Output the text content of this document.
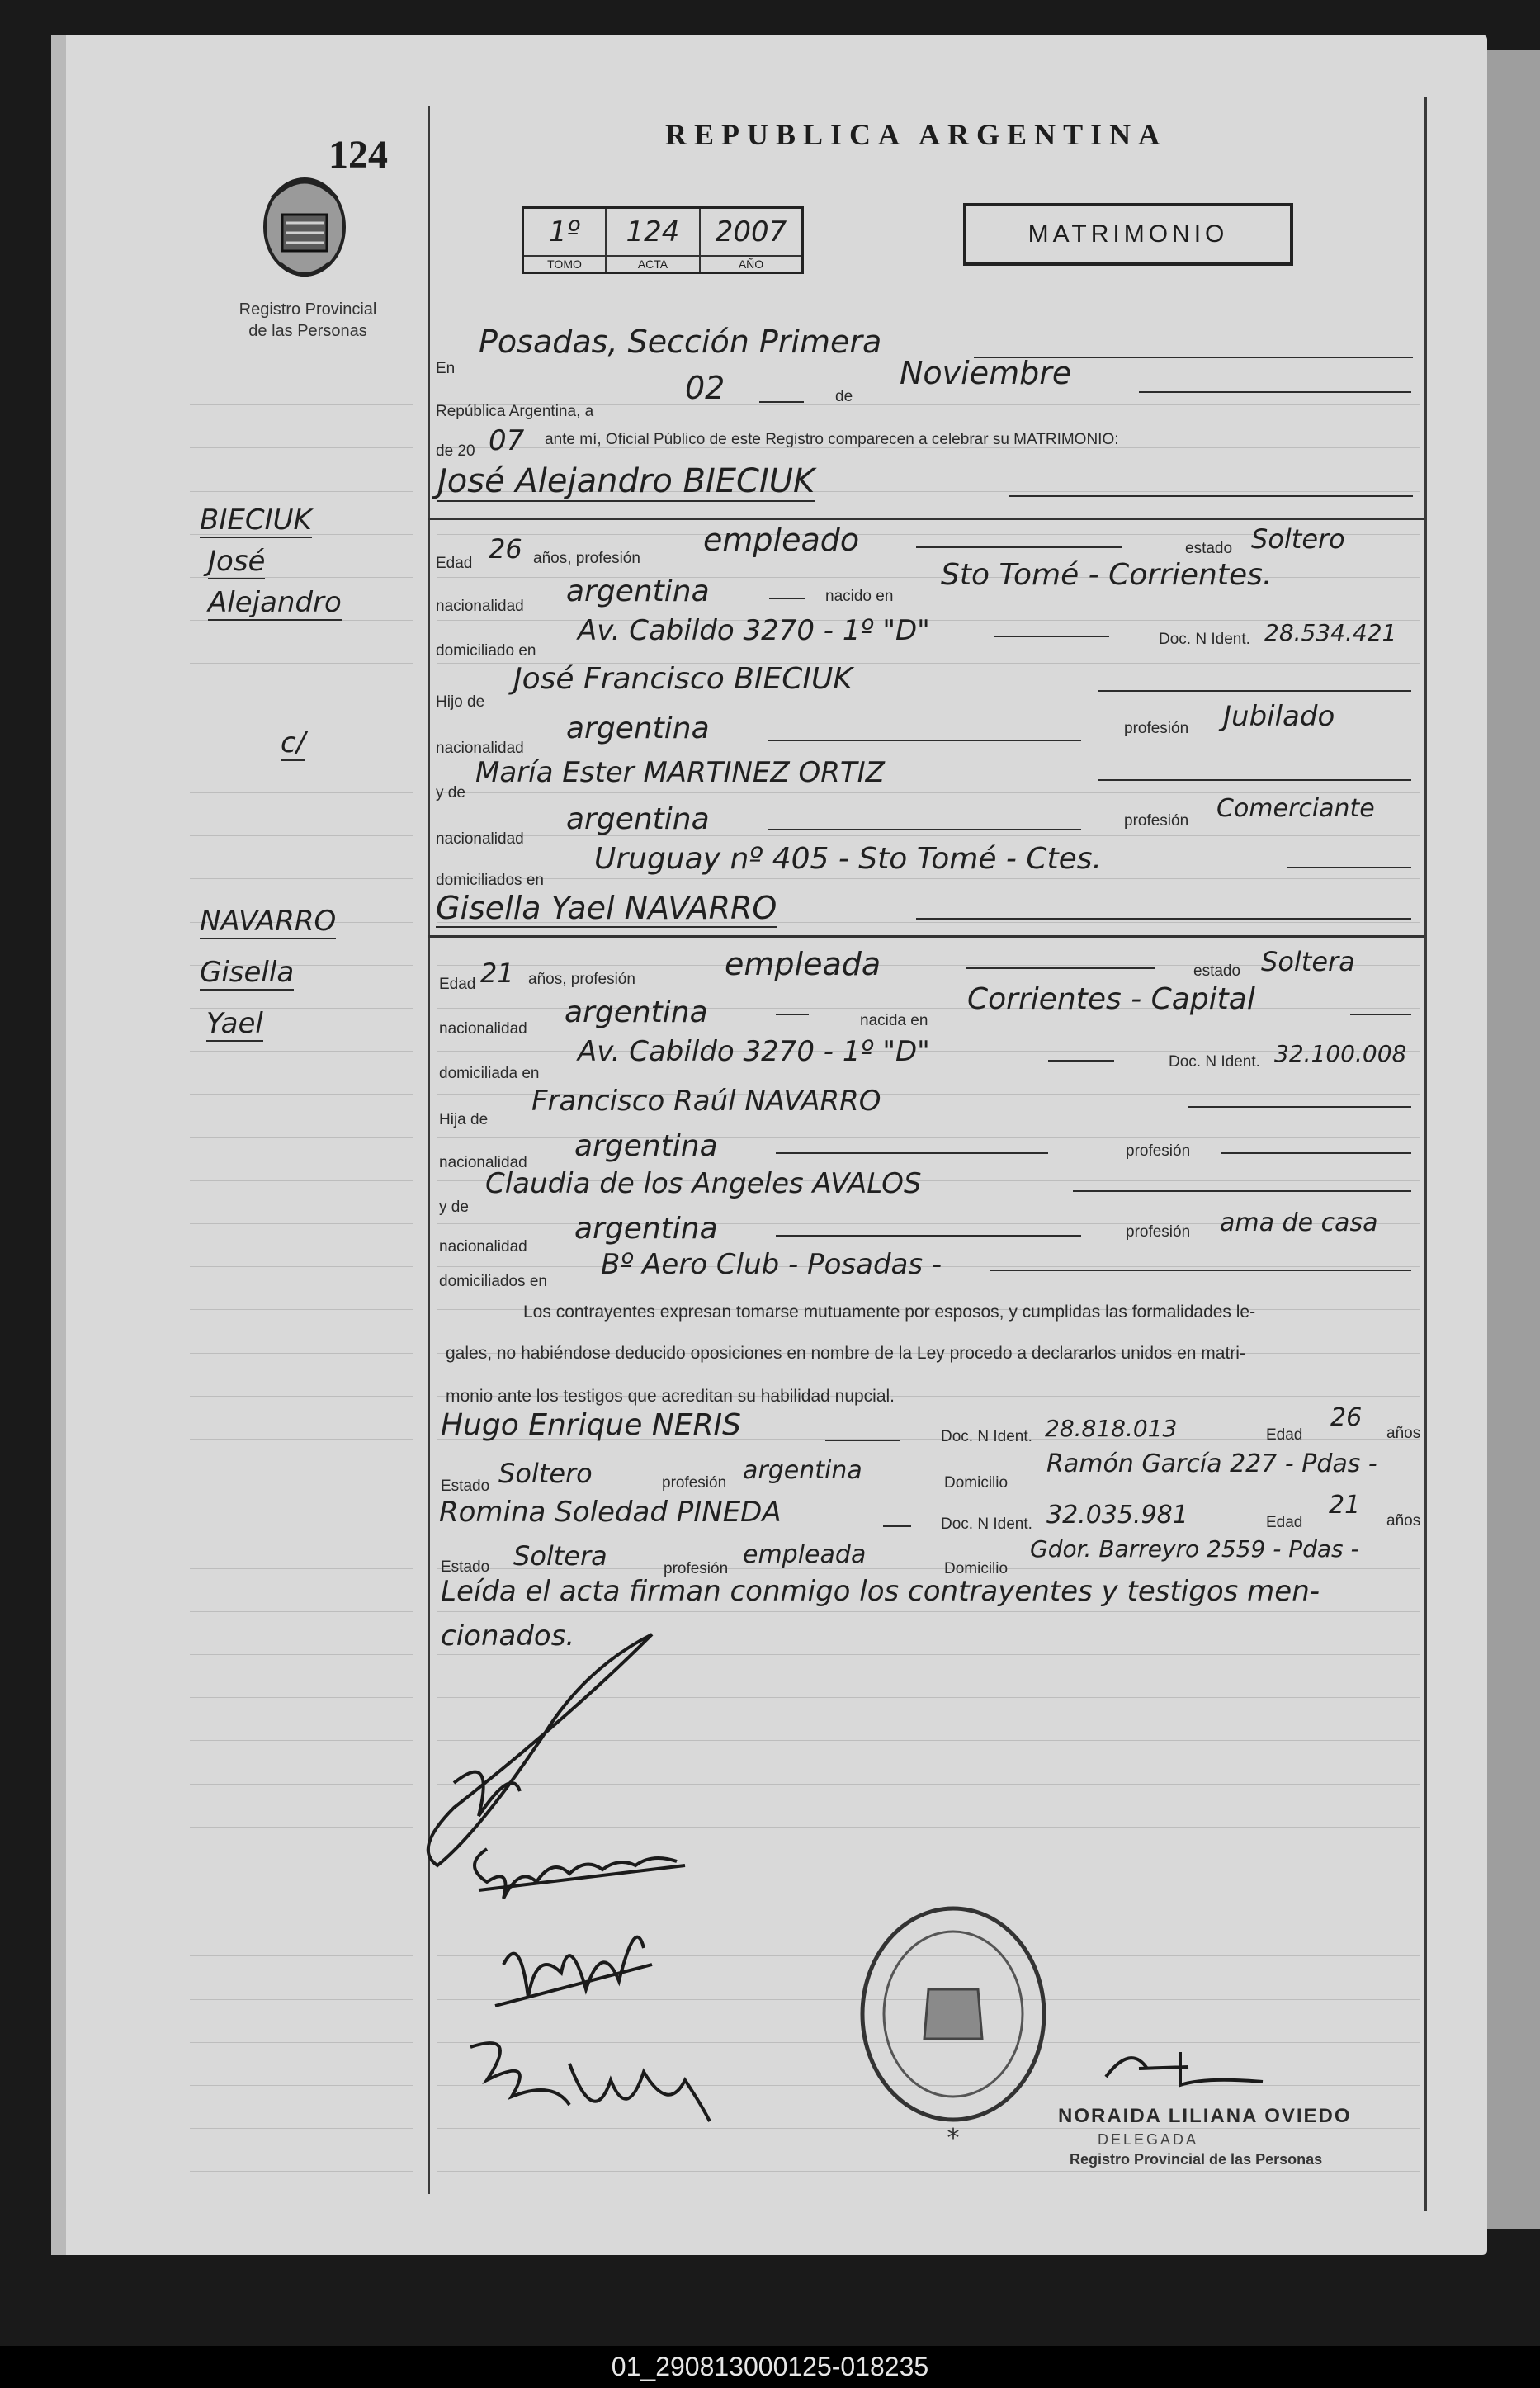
124	REPUBLICA ARGENTINA
MATRIMONIO
Registro Provincial
de las Personas
1º	124	2007
TOMO	ACTA	AÑO
BIECIUK
José
Alejandro
c/
NAVARRO
Gisella
Yael
En
Posadas, Sección Primera
República Argentina, a
02	de
Noviembre
de 20 07 ante mí, Oficial Público de este Registro comparecen a celebrar su MATRIMONIO:
José Alejandro BIECIUK
Edad 26 años, profesión
empleado	estado Soltero
nacionalidad argentina	nacido en
Sto Tomé - Corrientes.
domiciliado en
Av. Cabildo 3270 - 1º "D"	Doc. N Ident. 28.534.421
Hijo de
José Francisco BIECIUK
nacionalidad
argentina	profesión Jubilado
y de
María Ester MARTINEZ ORTIZ
nacionalidad
argentina	profesión Comerciante
domiciliados en
Uruguay nº 405 - Sto Tomé - Ctes.
Gisella Yael NAVARRO
Edad 21 años, profesión	empleada	estado Soltera
nacionalidad argentina	nacida en
Corrientes - Capital
domiciliada en
Av. Cabildo 3270 - 1º "D"	Doc. N Ident. 32.100.008
Hija de
Francisco Raúl NAVARRO
nacionalidad argentina	profesión
y de
Claudia de los Angeles AVALOS
nacionalidad
argentina	profesión ama de casa
domiciliados en
Bº Aero Club - Posadas -
Los contrayentes expresan tomarse mutuamente por esposos, y cumplidas las formalidades le-
gales, no habiéndose deducido oposiciones en nombre de la Ley procedo a declararlos unidos en matri-
monio ante los testigos que acreditan su habilidad nupcial.
Hugo Enrique NERIS	Doc. N Ident. 28.818.013	Edad
26
años
Estado Soltero	profesión argentina	Domicilio
Ramón García 227 - Pdas -
Romina Soledad PINEDA	Doc. N Ident. 32.035.981	Edad
21
años
Estado Soltera	profesión empleada	Domicilio
Gdor. Barreyro 2559 - Pdas -
Leída el acta firman conmigo los contrayentes y testigos men-
cionados.
*
NORAIDA LILIANA OVIEDO
DELEGADA
Registro Provincial de las Personas
01_290813000125-018235
